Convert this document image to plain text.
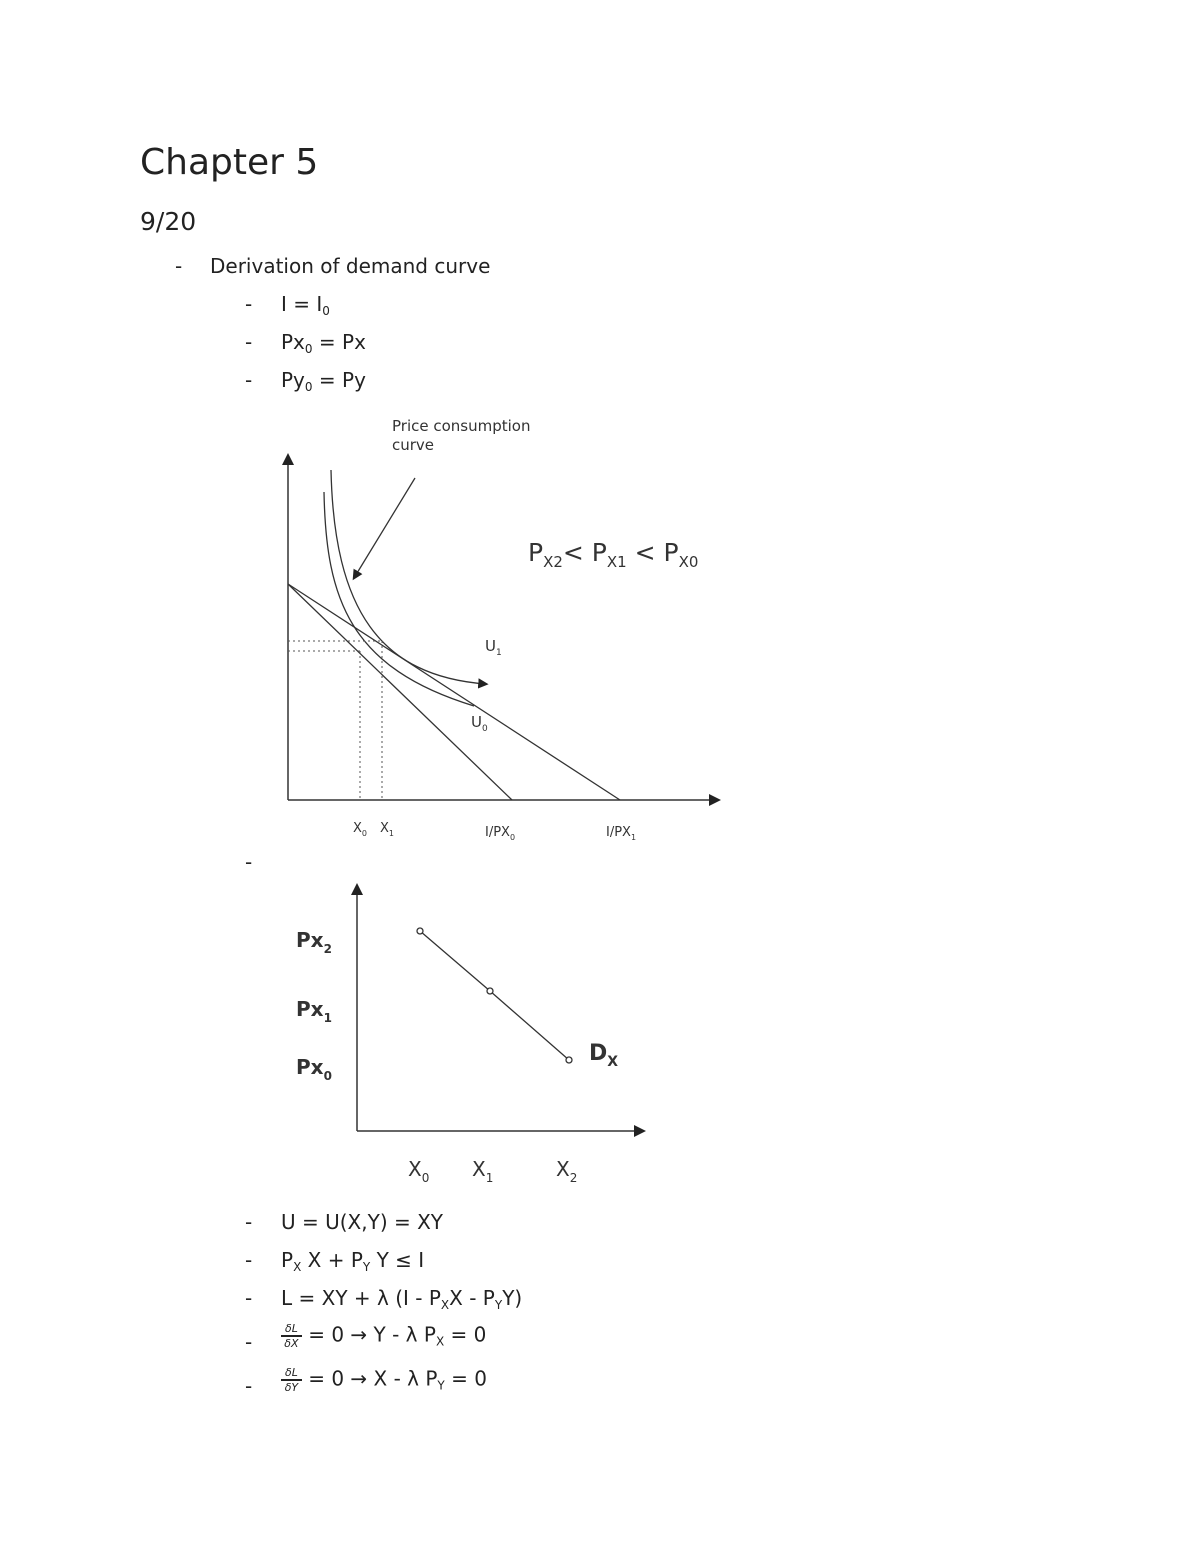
Chapter 5
9/20
- Derivation of demand curve
- $I = I_0$
- $Px_0 = Px$
- $Py_0 = Py$
Price consumption
curve
$P_{X2}< P_{X1} < P_{X0}$
$U_1$
$U_0$
$X_0$ $X_1$	$I/PX_0$	$I/PX_1$
-
$Px_2$
$Px_1$
$Px_0$
$X_0$ $X_1$	$X_2$
$D_X$
- U = U(X,Y) = XY
- $P_X$ $X + P_Y$ Y ≤ I
- L = XY + λ $(I - P_XX - P_YY)$
-	$\frac{\delta L}{\delta X} = 0 \to Y - \lambda$ $P_X = 0$
-	$\frac{\delta L}{\delta Y} = 0 \to X - \lambda$ $P_Y = 0$
